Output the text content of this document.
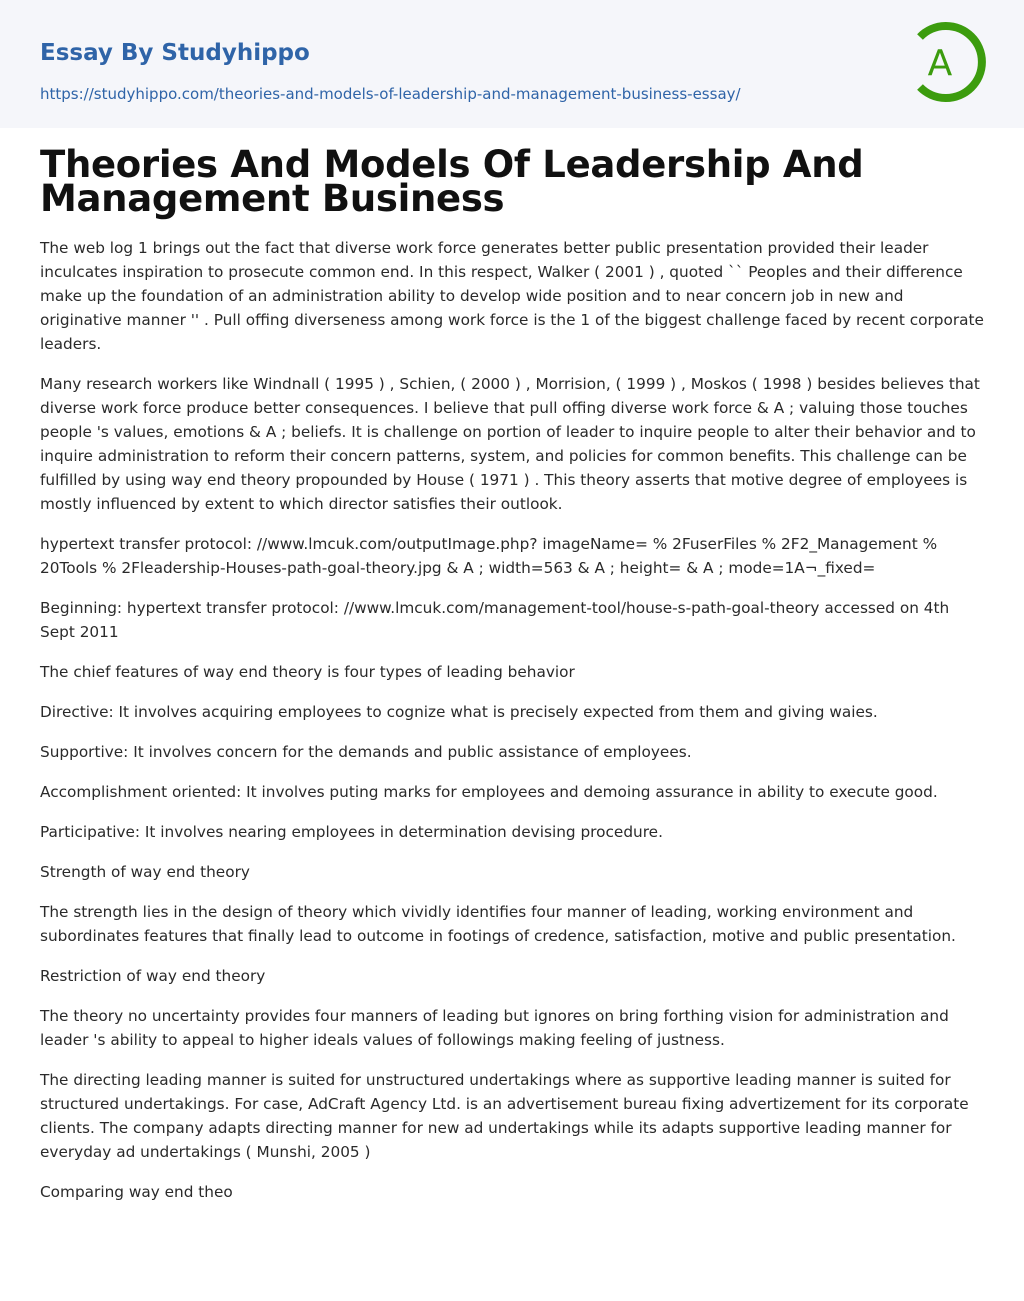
Essay By Studyhippo

https://studyhippo.com/theories-and-models-of-leadership-and-management-business-essay/
A
Theories And Models Of Leadership And Management Business

The web log 1 brings out the fact that diverse work force generates better public presentation provided their leader inculcates inspiration to prosecute common end. In this respect, Walker ( 2001 ) , quoted `` Peoples and their difference make up the foundation of an administration ability to develop wide position and to near concern job in new and originative manner '' . Pull offing diverseness among work force is the 1 of the biggest challenge faced by recent corporate leaders.

Many research workers like Windnall ( 1995 ) , Schien, ( 2000 ) , Morrision, ( 1999 ) , Moskos ( 1998 ) besides believes that diverse work force produce better consequences. I believe that pull offing diverse work force & A ; valuing those touches people 's values, emotions & A ; beliefs. It is challenge on portion of leader to inquire people to alter their behavior and to inquire administration to reform their concern patterns, system, and policies for common benefits. This challenge can be fulfilled by using way end theory propounded by House ( 1971 ) . This theory asserts that motive degree of employees is mostly influenced by extent to which director satisfies their outlook.

hypertext transfer protocol: //www.lmcuk.com/outputImage.php? imageName= % 2FuserFiles % 2F2_Management % 20Tools % 2Fleadership-Houses-path-goal-theory.jpg & A ; width=563 & A ; height= & A ; mode=1A¬_fixed=

Beginning: hypertext transfer protocol: //www.lmcuk.com/management-tool/house-s-path-goal-theory accessed on 4th Sept 2011

The chief features of way end theory is four types of leading behavior

Directive: It involves acquiring employees to cognize what is precisely expected from them and giving waies.

Supportive: It involves concern for the demands and public assistance of employees.

Accomplishment oriented: It involves puting marks for employees and demoing assurance in ability to execute good.

Participative: It involves nearing employees in determination devising procedure.

Strength of way end theory

The strength lies in the design of theory which vividly identifies four manner of leading, working environment and subordinates features that finally lead to outcome in footings of credence, satisfaction, motive and public presentation.

Restriction of way end theory

The theory no uncertainty provides four manners of leading but ignores on bring forthing vision for administration and leader 's ability to appeal to higher ideals values of followings making feeling of justness.

The directing leading manner is suited for unstructured undertakings where as supportive leading manner is suited for structured undertakings. For case, AdCraft Agency Ltd. is an advertisement bureau fixing advertizement for its corporate clients. The company adapts directing manner for new ad undertakings while its adapts supportive leading manner for everyday ad undertakings ( Munshi, 2005 )

Comparing way end theo
